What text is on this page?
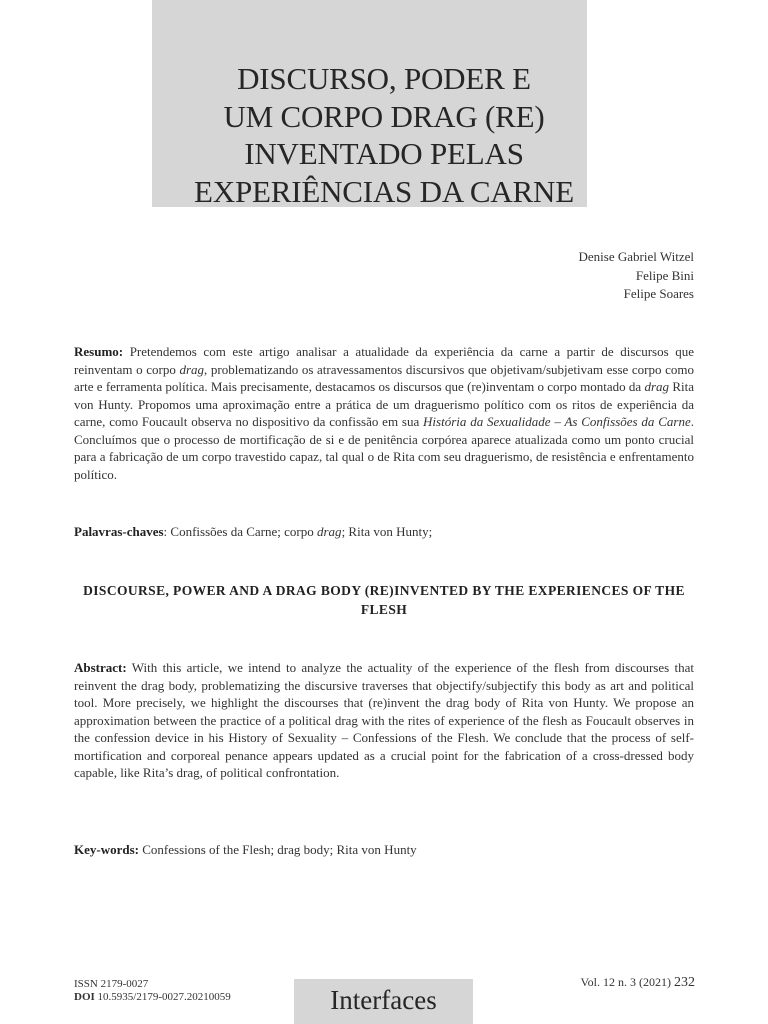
DISCURSO, PODER E
UM CORPO DRAG (RE)
INVENTADO PELAS
EXPERIÊNCIAS DA CARNE
Denise Gabriel Witzel
Felipe Bini
Felipe Soares
Resumo: Pretendemos com este artigo analisar a atualidade da experiência da carne a partir de discursos que reinventam o corpo drag, problematizando os atravessamentos discursivos que objetivam/subjetivam esse corpo como arte e ferramenta política. Mais precisamente, destacamos os discursos que (re)inventam o corpo montado da drag Rita von Hunty. Propomos uma aproximação entre a prática de um draguerismo político com os ritos de experiência da carne, como Foucault observa no dispositivo da confissão em sua História da Sexualidade – As Confissões da Carne. Concluímos que o processo de mortificação de si e de penitência corpórea aparece atualizada como um ponto crucial para a fabricação de um corpo travestido capaz, tal qual o de Rita com seu draguerismo, de resistência e enfrentamento político.
Palavras-chaves: Confissões da Carne; corpo drag; Rita von Hunty;
DISCOURSE, POWER AND A DRAG BODY (RE)INVENTED BY THE EXPERIENCES OF THE FLESH
Abstract: With this article, we intend to analyze the actuality of the experience of the flesh from discourses that reinvent the drag body, problematizing the discursive traverses that objectify/subjectify this body as art and political tool. More precisely, we highlight the discourses that (re)invent the drag body of Rita von Hunty. We propose an approximation between the practice of a political drag with the rites of experience of the flesh as Foucault observes in the confession device in his History of Sexuality – Confessions of the Flesh. We conclude that the process of self-mortification and corporeal penance appears updated as a crucial point for the fabrication of a cross-dressed body capable, like Rita’s drag, of political confrontation.
Key-words: Confessions of the Flesh; drag body; Rita von Hunty
ISSN 2179-0027
DOI 10.5935/2179-0027.20210059
Vol. 12 n. 3 (2021) 232
Interfaces
